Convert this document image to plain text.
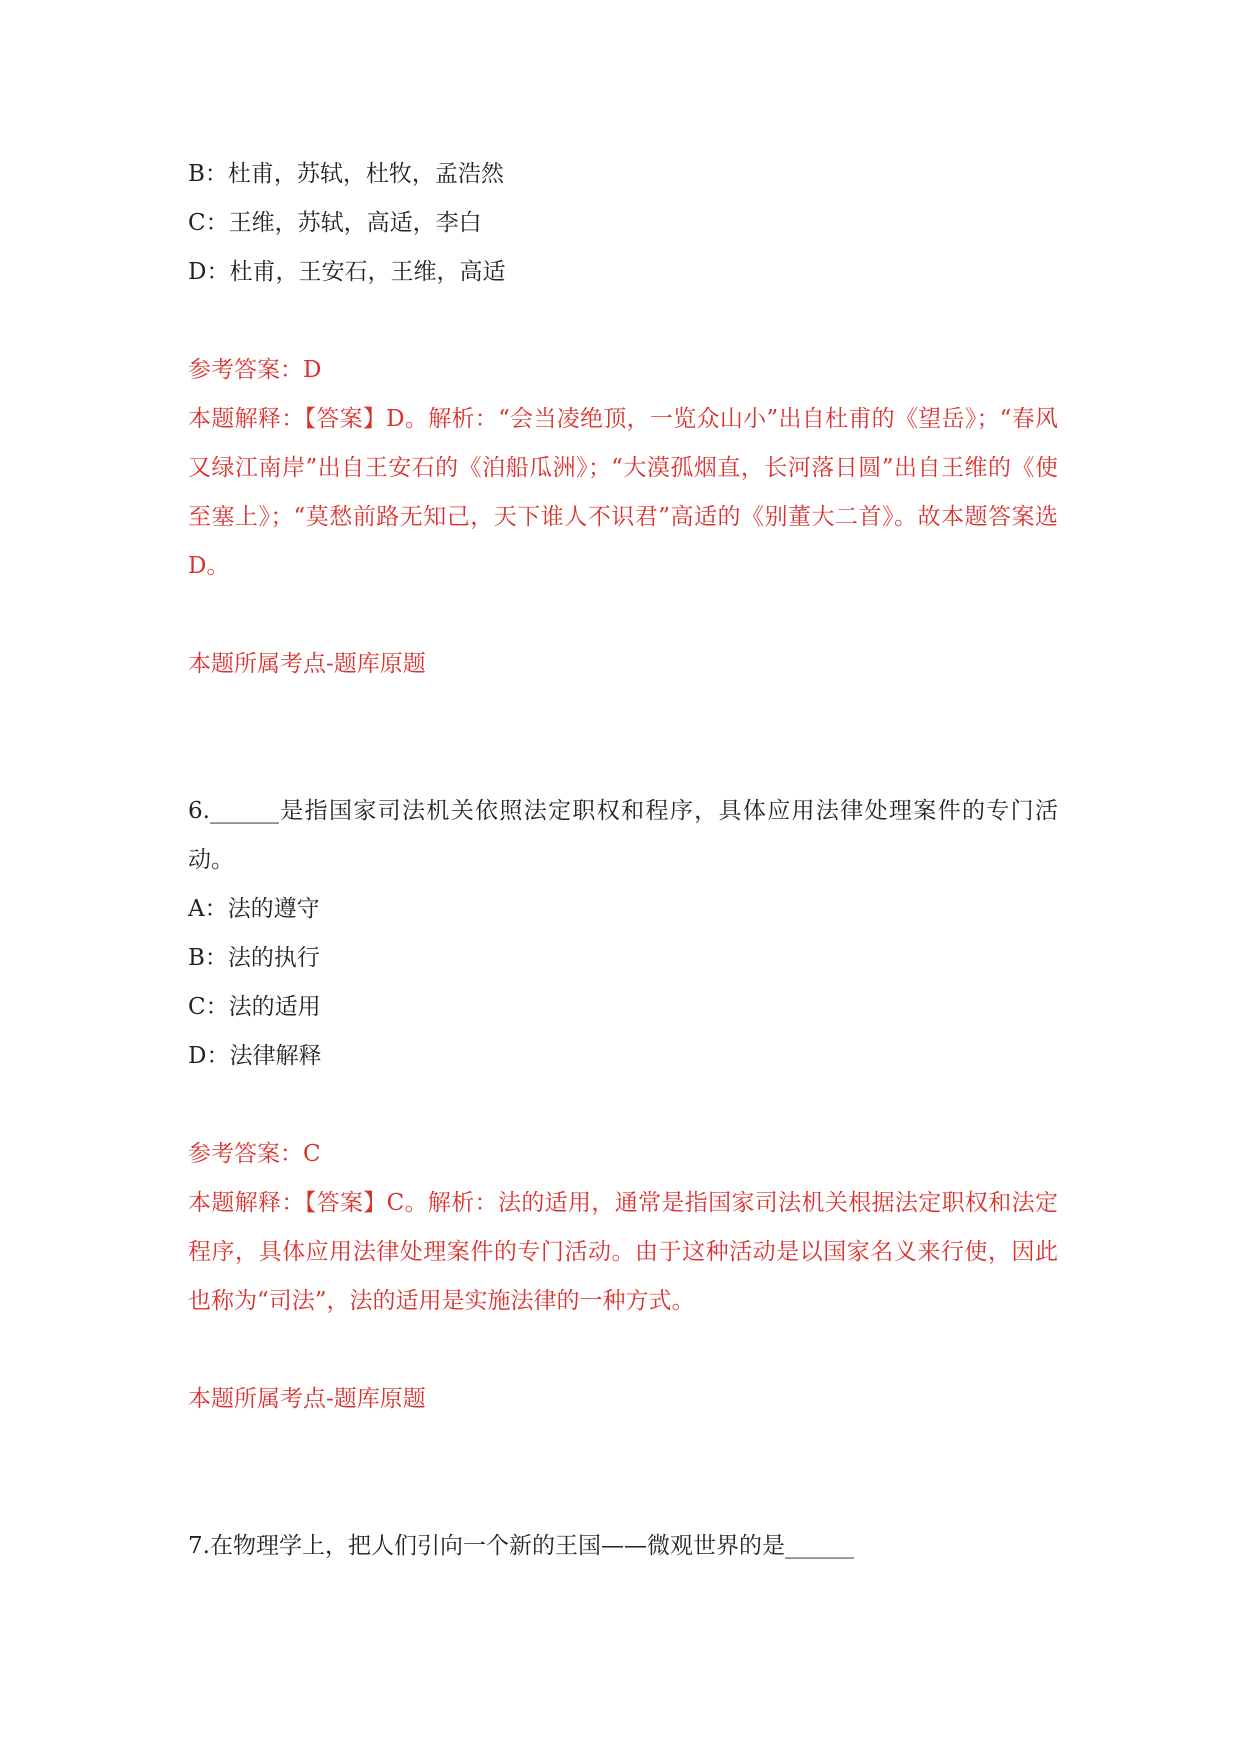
B：杜甫，苏轼，杜牧，孟浩然

C：王维，苏轼，高适，李白

D：杜甫，王安石，王维，高适

参考答案：D

本题解释：【答案】D。解析：“会当凌绝顶，一览众山小”出自杜甫的《望岳》；“春风又绿江南岸”出自王安石的《泊船瓜洲》；“大漠孤烟直，长河落日圆”出自王维的《使至塞上》；“莫愁前路无知己，天下谁人不识君”高适的《别董大二首》。故本题答案选D。

本题所属考点-题库原题

6.______是指国家司法机关依照法定职权和程序，具体应用法律处理案件的专门活动。

A：法的遵守

B：法的执行

C：法的适用

D：法律解释

参考答案：C

本题解释：【答案】C。解析：法的适用，通常是指国家司法机关根据法定职权和法定程序，具体应用法律处理案件的专门活动。由于这种活动是以国家名义来行使，因此也称为“司法”，法的适用是实施法律的一种方式。

本题所属考点-题库原题

7.在物理学上，把人们引向一个新的王国——微观世界的是______
